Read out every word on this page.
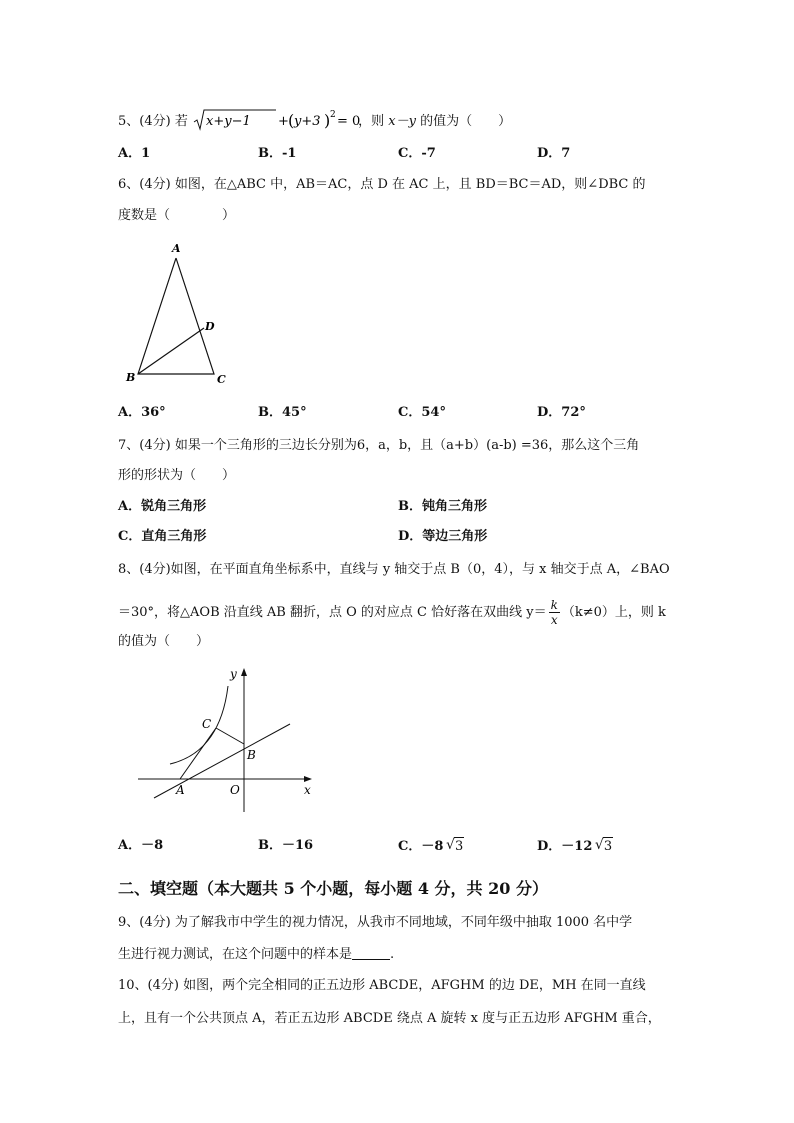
5、(4分) 若 x+y−1 + ( y+3 ) 2 = 0
，则 x－y 的值为（　　）
A．1	B．-1	C．-7	D．7
6、(4分) 如图，在△ABC 中，AB＝AC，点 D 在 AC 上，且 BD＝BC＝AD，则∠DBC 的
度数是（　　　　）
A
B	C
D
A．36°	B．45°	C．54°	D．72°
7、(4分) 如果一个三角形的三边长分别为6，a，b，且（a+b）(a-b) =36，那么这个三角
形的形状为（　　）
A．锐角三角形	B．钝角三角形
C．直角三角形	D．等边三角形
8、(4分)如图，在平面直角坐标系中，直线与 y 轴交于点 B（0，4），与 x 轴交于点 A，∠BAO
＝30°，将△AOB 沿直线 AB 翻折，点 O 的对应点 C 恰好落在双曲线 $y= \frac{k}{x} (k\ne 0)$上，则 k
的值为（　　）
y
x
C
B
A	O
A．－8	B．－16	C．－8 √ 3	D．－12 √ 3
二、填空题（本大题共 5 个小题，每小题 4 分，共 20 分）
9、(4分) 为了解我市中学生的视力情况，从我市不同地域，不同年级中抽取 1000 名中学
生进行视力测试，在这个问题中的样本是	.
10、(4分) 如图，两个完全相同的正五边形 ABCDE，AFGHM 的边 DE，MH 在同一直线
上，且有一个公共顶点 A，若正五边形 ABCDE 绕点 A 旋转 x 度与正五边形 AFGHM 重合，
